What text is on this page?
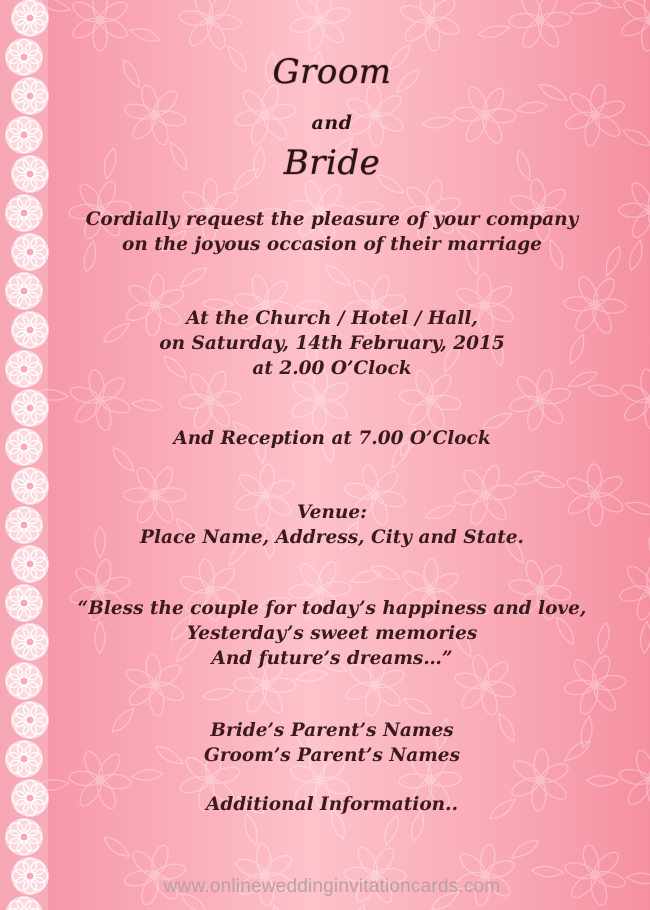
Groom
and
Bride
Cordially request the pleasure of your company
on the joyous occasion of their marriage
At the Church / Hotel / Hall,
on Saturday, 14th February, 2015
at 2.00 O’Clock
And Reception at 7.00 O’Clock
Venue:
Place Name, Address, City and State.
“Bless the couple for today’s happiness and love,
Yesterday’s sweet memories
And future’s dreams…”
Bride’s Parent’s Names
Groom’s Parent’s Names
Additional Information..
www.onlineweddinginvitationcards.com
